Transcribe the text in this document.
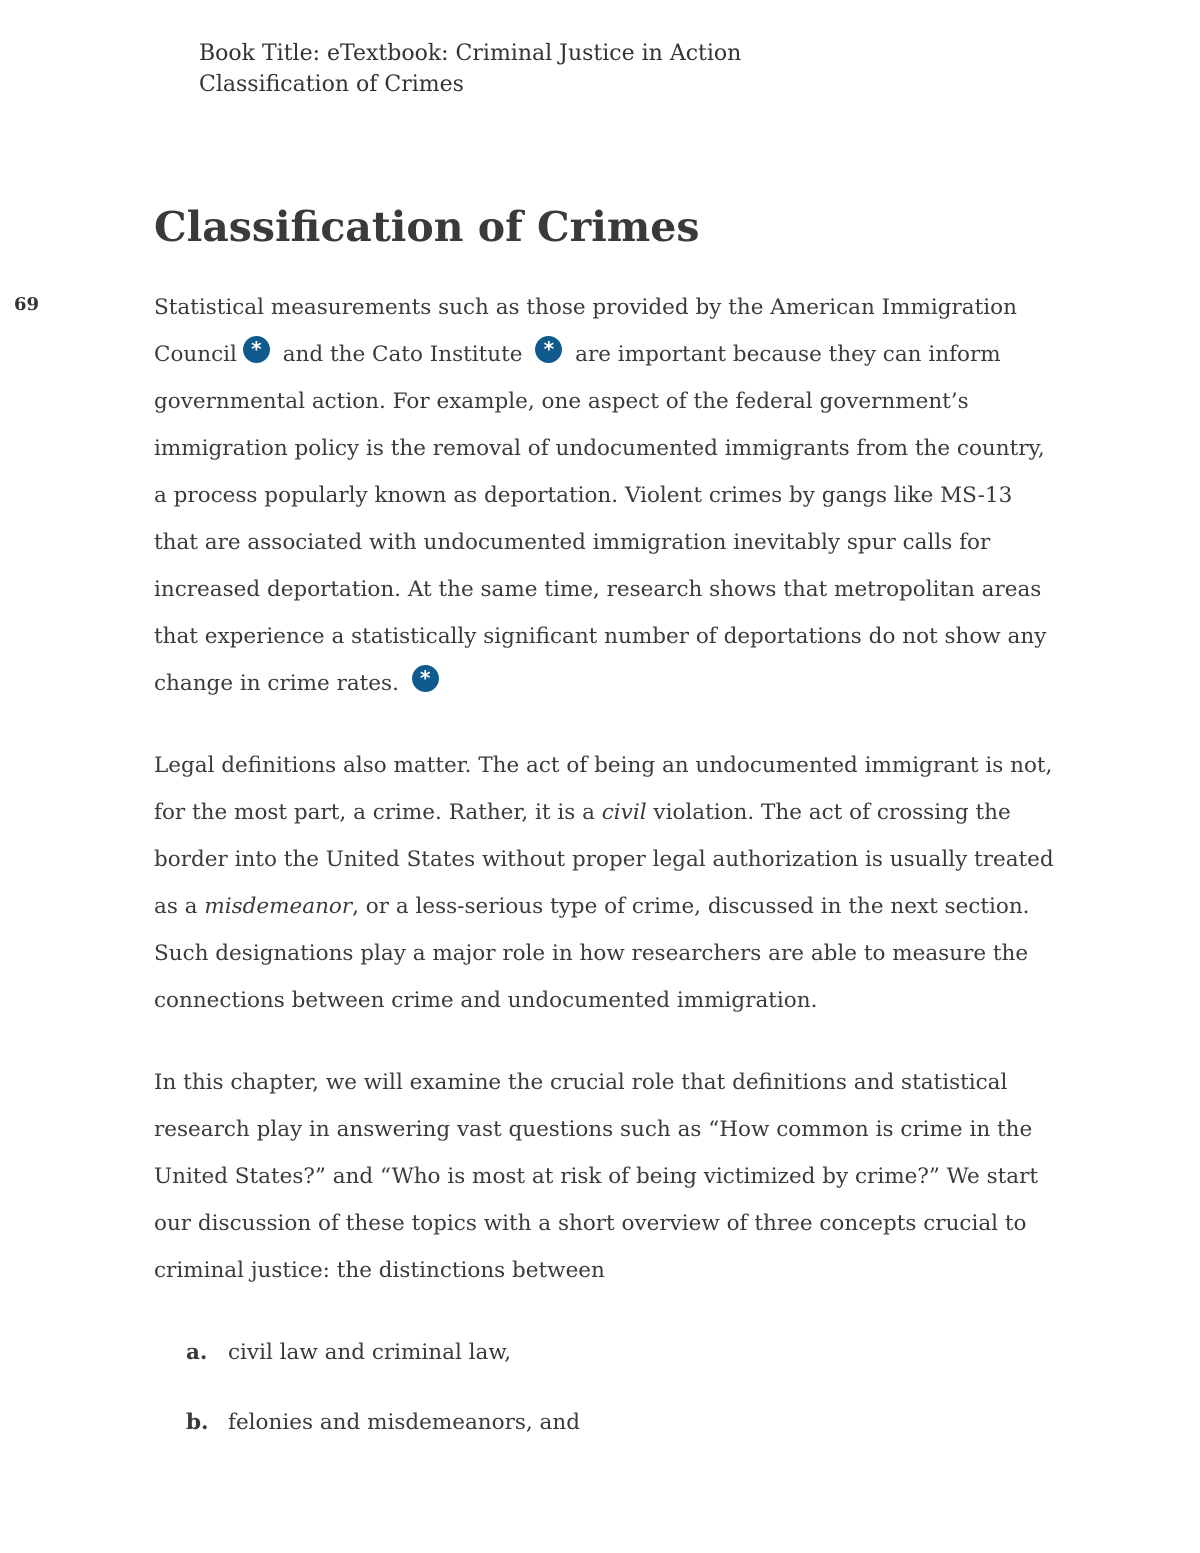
Book Title: eTextbook: Criminal Justice in Action
Classification of Crimes
Classification of Crimes
69	Statistical measurements such as those provided by the American Immigration Council * and the Cato Institute * are important because they can inform governmental action. For example, one aspect of the federal government’s immigration policy is the removal of undocumented immigrants from the country, a process popularly known as deportation. Violent crimes by gangs like MS-13 that are associated with undocumented immigration inevitably spur calls for increased deportation. At the same time, research shows that metropolitan areas that experience a statistically significant number of deportations do not show any change in crime rates. *

Legal definitions also matter. The act of being an undocumented immigrant is not, for the most part, a crime. Rather, it is a civil violation. The act of crossing the border into the United States without proper legal authorization is usually treated as a misdemeanor, or a less-serious type of crime, discussed in the next section. Such designations play a major role in how researchers are able to measure the connections between crime and undocumented immigration.

In this chapter, we will examine the crucial role that definitions and statistical research play in answering vast questions such as “How common is crime in the United States?” and “Who is most at risk of being victimized by crime?” We start our discussion of these topics with a short overview of three concepts crucial to criminal justice: the distinctions between

a. civil law and criminal law,
b. felonies and misdemeanors, and
